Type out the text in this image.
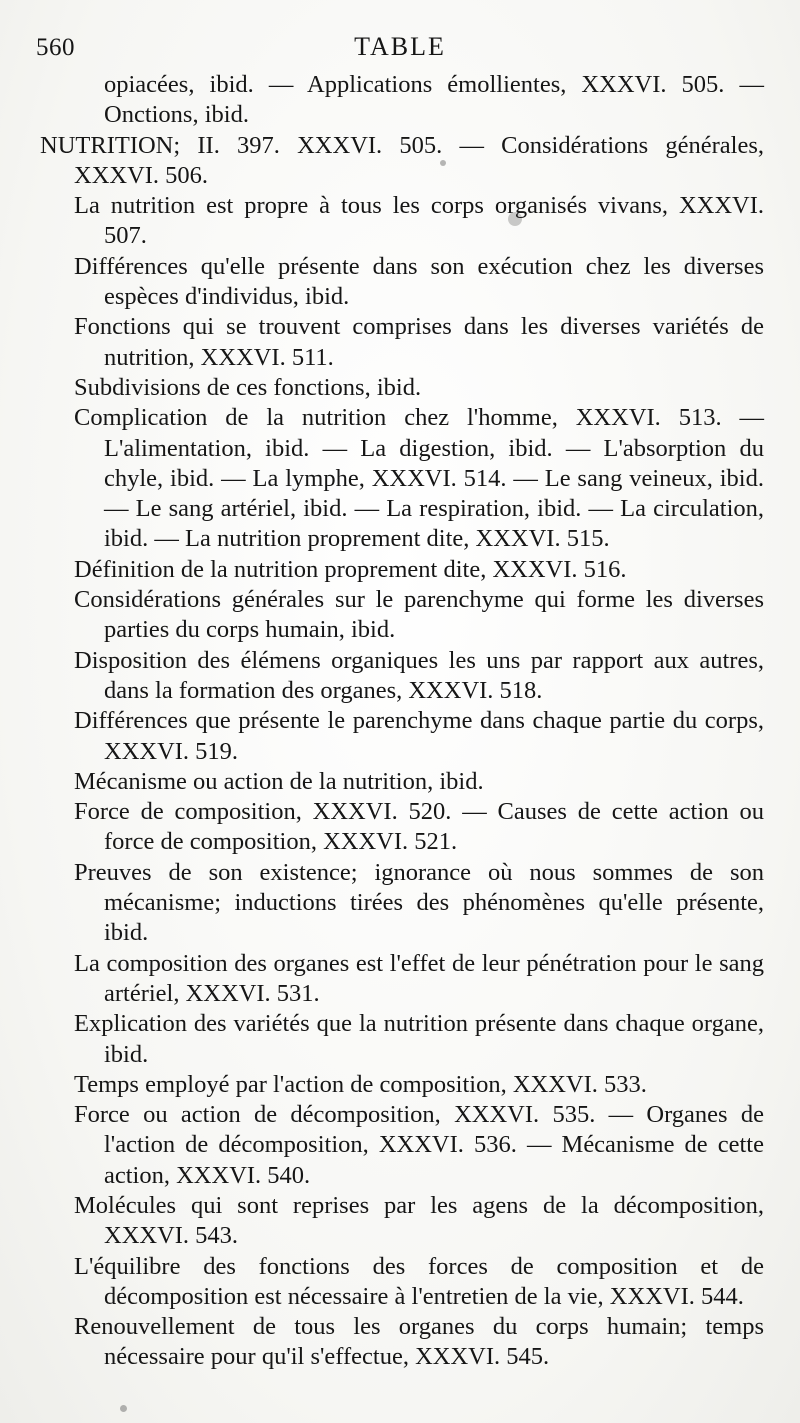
560	TABLE

opiacées, ibid. — Applications émollientes, XXXVI. 505. — Onctions, ibid.

NUTRITION; II. 397. XXXVI. 505. — Considérations générales, XXXVI. 506.

La nutrition est propre à tous les corps organisés vivans, XXXVI. 507.

Différences qu'elle présente dans son exécution chez les diverses espèces d'individus, ibid.

Fonctions qui se trouvent comprises dans les diverses variétés de nutrition, XXXVI. 511.

Subdivisions de ces fonctions, ibid.

Complication de la nutrition chez l'homme, XXXVI. 513. — L'alimentation, ibid. — La digestion, ibid. — L'absorption du chyle, ibid. — La lymphe, XXXVI. 514. — Le sang veineux, ibid. — Le sang artériel, ibid. — La respiration, ibid. — La circulation, ibid. — La nutrition proprement dite, XXXVI. 515.

Définition de la nutrition proprement dite, XXXVI. 516.

Considérations générales sur le parenchyme qui forme les diverses parties du corps humain, ibid.

Disposition des élémens organiques les uns par rapport aux autres, dans la formation des organes, XXXVI. 518.

Différences que présente le parenchyme dans chaque partie du corps, XXXVI. 519.

Mécanisme ou action de la nutrition, ibid.

Force de composition, XXXVI. 520. — Causes de cette action ou force de composition, XXXVI. 521.

Preuves de son existence; ignorance où nous sommes de son mécanisme; inductions tirées des phénomènes qu'elle présente, ibid.

La composition des organes est l'effet de leur pénétration pour le sang artériel, XXXVI. 531.

Explication des variétés que la nutrition présente dans chaque organe, ibid.

Temps employé par l'action de composition, XXXVI. 533.

Force ou action de décomposition, XXXVI. 535. — Organes de l'action de décomposition, XXXVI. 536. — Mécanisme de cette action, XXXVI. 540.

Molécules qui sont reprises par les agens de la décomposition, XXXVI. 543.

L'équilibre des fonctions des forces de composition et de décomposition est nécessaire à l'entretien de la vie, XXXVI. 544.

Renouvellement de tous les organes du corps humain; temps nécessaire pour qu'il s'effectue, XXXVI. 545.
